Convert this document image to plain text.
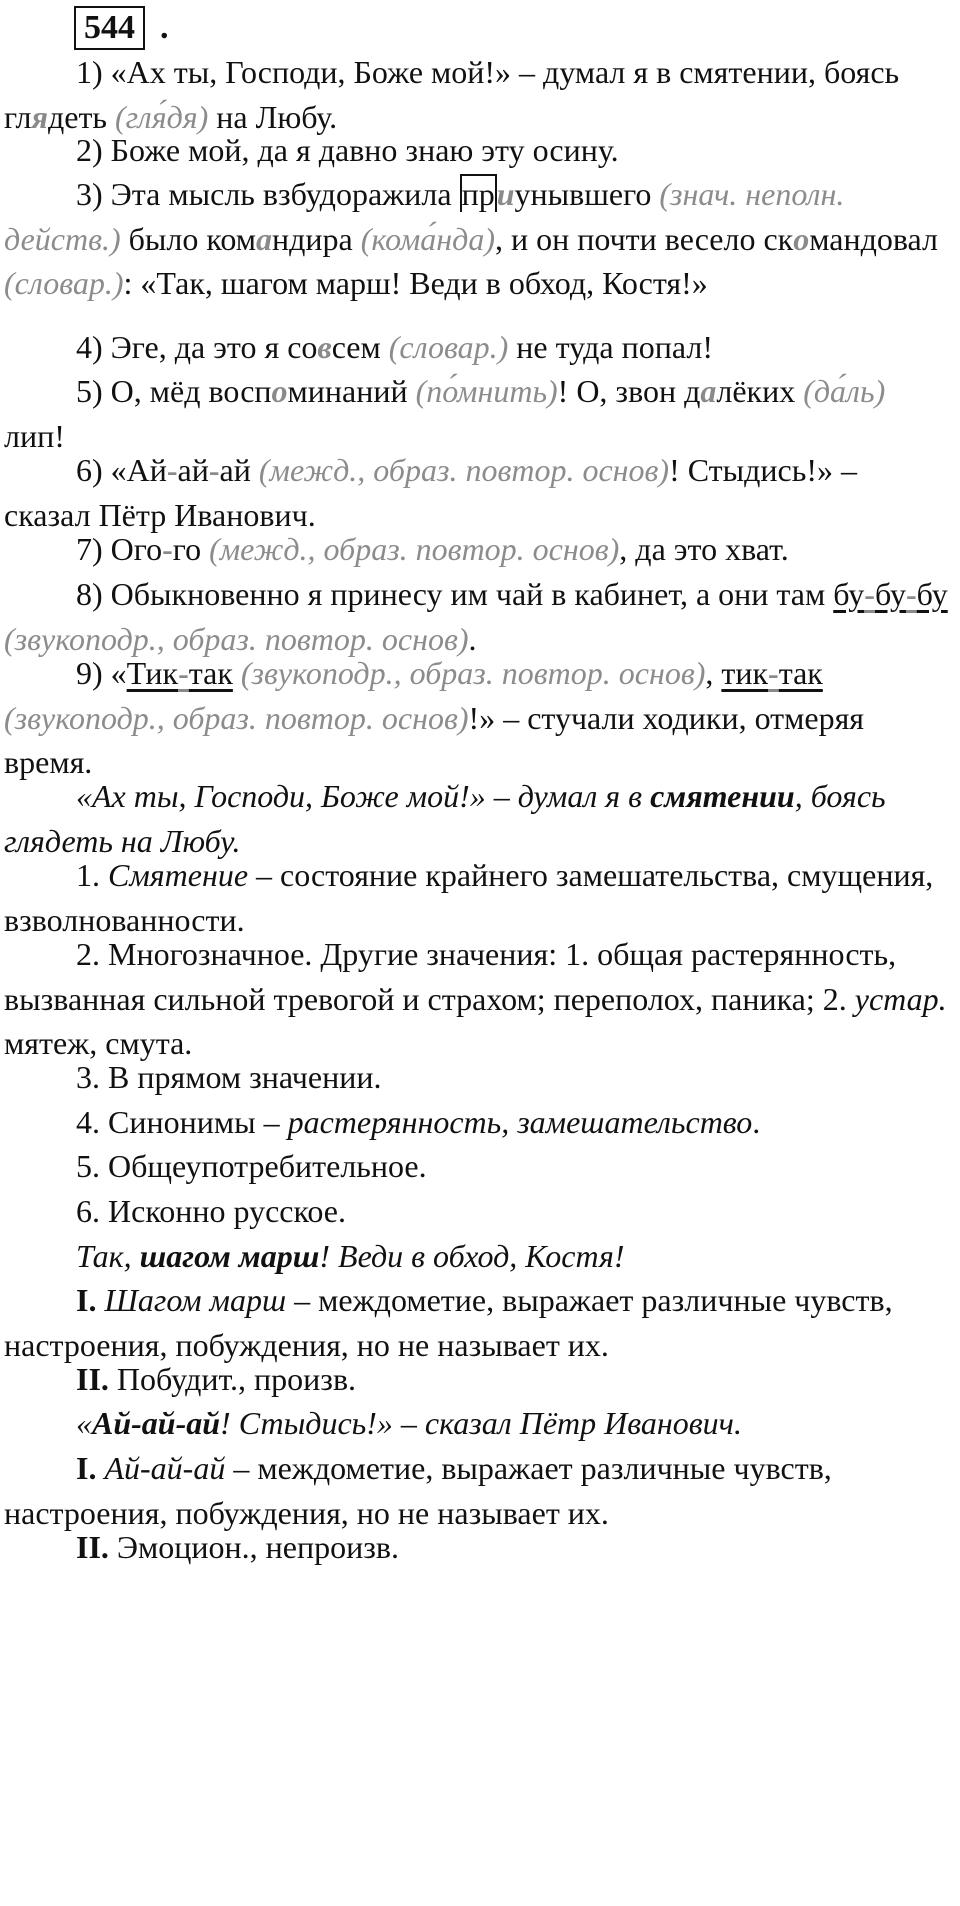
544 .

1) «Ах ты, Господи, Боже мой!» – думал я в смятении, боясь глядеть (гля́дя) на Любу.

2) Боже мой, да я давно знаю эту осину.

3) Эта мысль взбудоражила приунывшего (знач. неполн. действ.) было командира (кома́нда), и он почти весело скомандовал (словар.): «Так, шагом марш! Веди в обход, Костя!»

4) Эге, да это я совсем (словар.) не туда попал!

5) О, мёд воспоминаний (по́мнить)! О, звон далёких (да́ль) лип!

6) «Ай-ай-ай (межд., образ. повтор. основ)! Стыдись!» – сказал Пётр Иванович.

7) Ого-го (межд., образ. повтор. основ), да это хват.

8) Обыкновенно я принесу им чай в кабинет, а они там бу-бу-бу (звукоподр., образ. повтор. основ).

9) «Тик-так (звукоподр., образ. повтор. основ), тик-так (звукоподр., образ. повтор. основ)!» – стучали ходики, отмеряя время.

«Ах ты, Господи, Боже мой!» – думал я в смятении, боясь глядеть на Любу.

1. Смятение – состояние крайнего замешательства, смущения, взволнованности.

2. Многозначное. Другие значения: 1. общая растерянность, вызванная сильной тревогой и страхом; переполох, паника; 2. устар. мятеж, смута.

3. В прямом значении.

4. Синонимы – растерянность, замешательство.

5. Общеупотребительное.

6. Исконно русское.

Так, шагом марш! Веди в обход, Костя!

I. Шагом марш – междометие, выражает различные чувств, настроения, побуждения, но не называет их.

II. Побудит., произв.

«Ай-ай-ай! Стыдись!» – сказал Пётр Иванович.

I. Ай-ай-ай – междометие, выражает различные чувств, настроения, побуждения, но не называет их.

II. Эмоцион., непроизв.
